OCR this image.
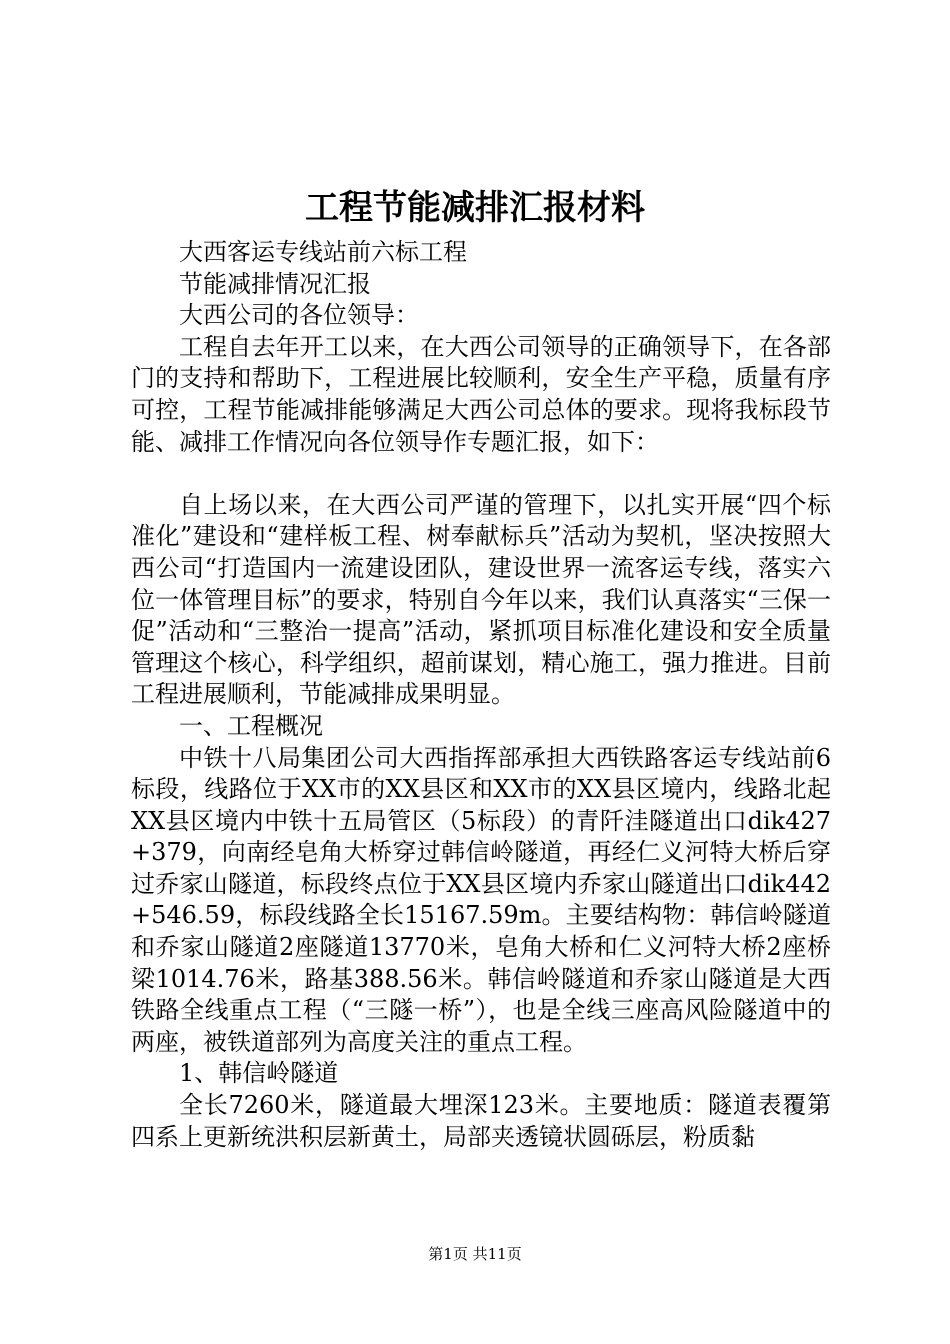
工程节能减排汇报材料

大西客运专线站前六标工程

节能减排情况汇报

大西公司的各位领导：

工程自去年开工以来，在大西公司领导的正确领导下，在各部门的支持和帮助下，工程进展比较顺利，安全生产平稳，质量有序可控，工程节能减排能够满足大西公司总体的要求。现将我标段节能、减排工作情况向各位领导作专题汇报，如下：

自上场以来，在大西公司严谨的管理下，以扎实开展“四个标准化”建设和“建样板工程、树奉献标兵”活动为契机，坚决按照大西公司“打造国内一流建设团队，建设世界一流客运专线，落实六位一体管理目标”的要求，特别自今年以来，我们认真落实“三保一促”活动和“三整治一提高”活动，紧抓项目标准化建设和安全质量管理这个核心，科学组织，超前谋划，精心施工，强力推进。目前工程进展顺利，节能减排成果明显。

一、工程概况

中铁十八局集团公司大西指挥部承担大西铁路客运专线站前6标段，线路位于XX市的XX县区和XX市的XX县区境内，线路北起XX县区境内中铁十五局管区（5标段）的青阡洼隧道出口dik427+379，向南经皂角大桥穿过韩信岭隧道，再经仁义河特大桥后穿过乔家山隧道，标段终点位于XX县区境内乔家山隧道出口dik442+546.59，标段线路全长15167.59m。主要结构物：韩信岭隧道和乔家山隧道2座隧道13770米，皂角大桥和仁义河特大桥2座桥梁1014.76米，路基388.56米。韩信岭隧道和乔家山隧道是大西铁路全线重点工程（“三隧一桥”），也是全线三座高风险隧道中的两座，被铁道部列为高度关注的重点工程。

1、韩信岭隧道

全长7260米，隧道最大埋深123米。主要地质：隧道表覆第四系上更新统洪积层新黄土，局部夹透镜状圆砾层，粉质黏

第1页 共11页
